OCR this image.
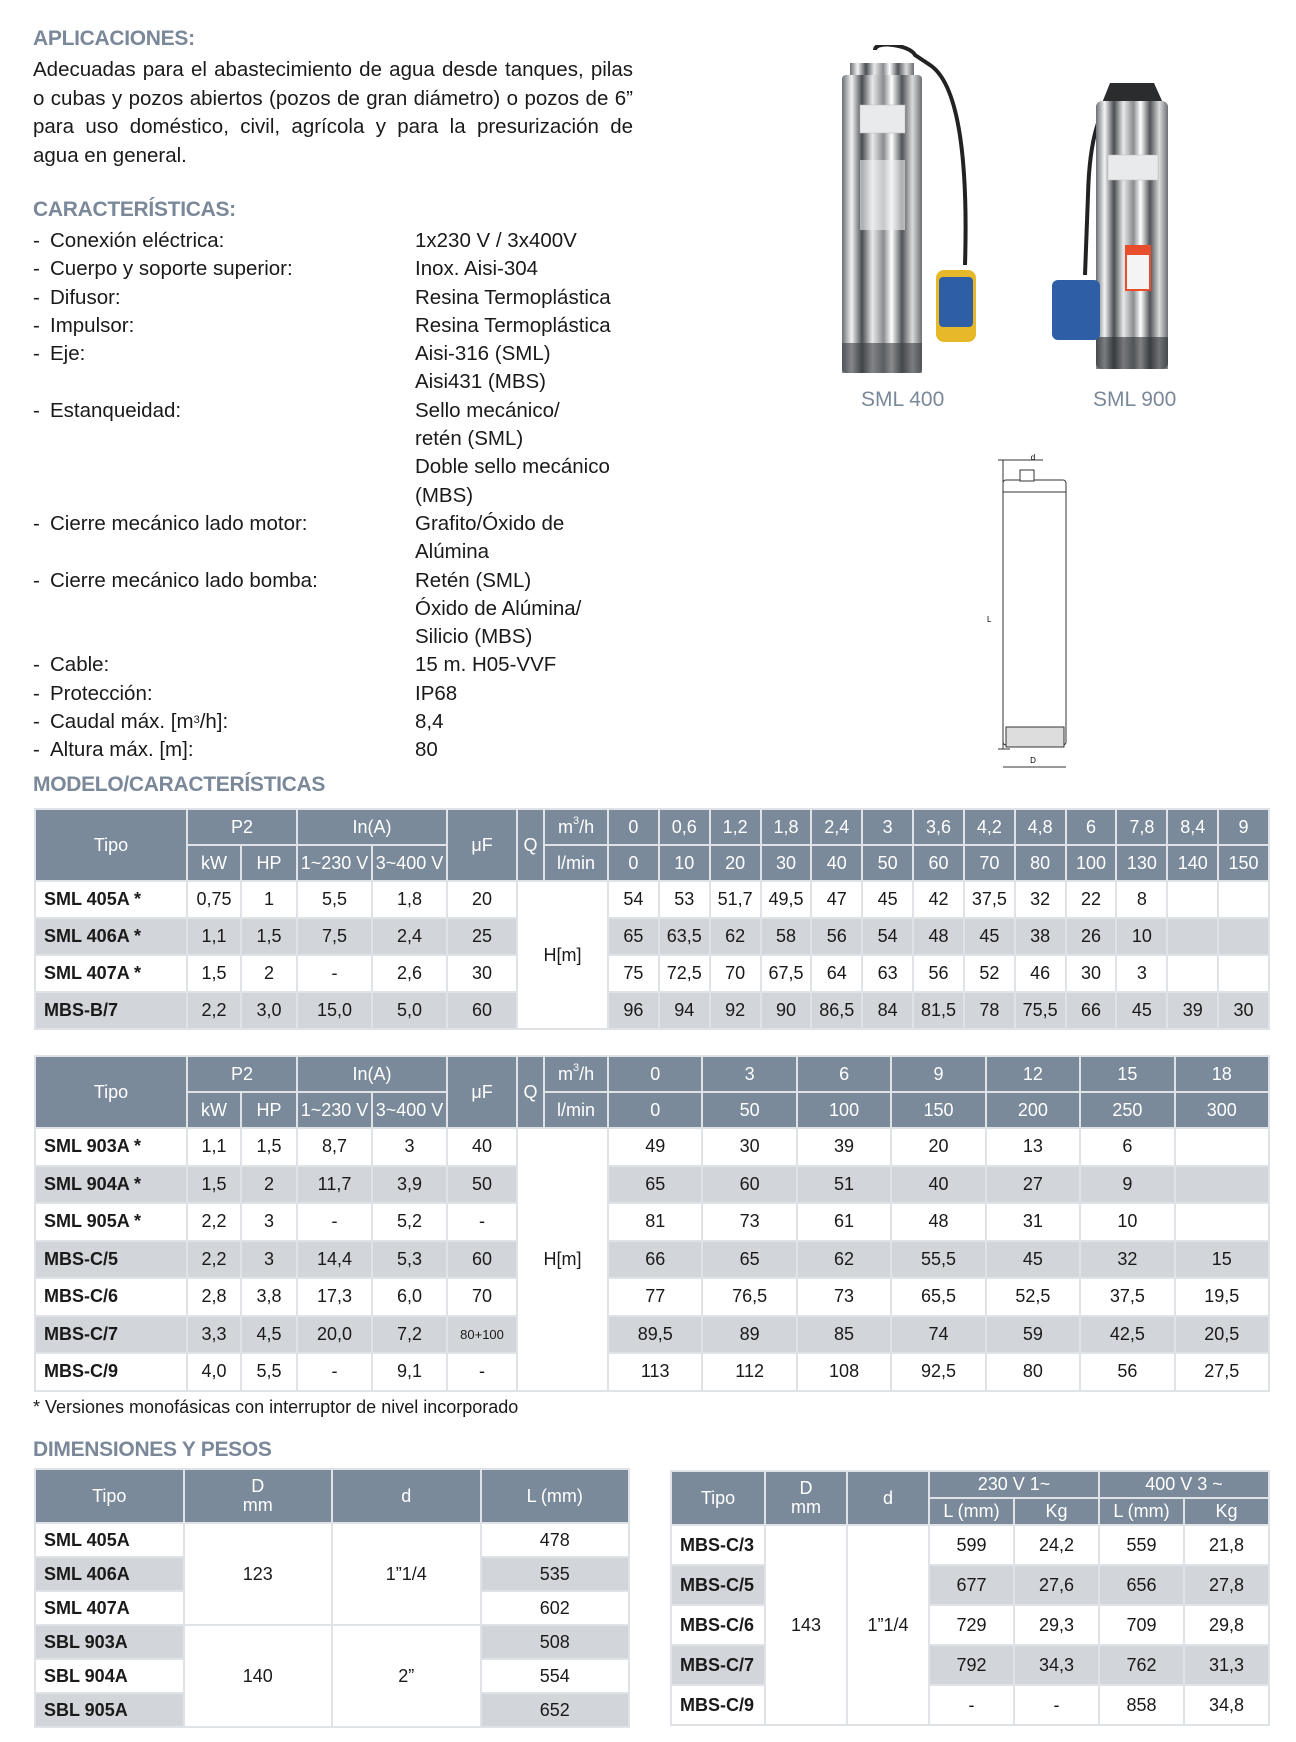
APLICACIONES:
Adecuadas para el abastecimiento de agua desde tanques, pilas o cubas y pozos abiertos (pozos de gran diámetro) o pozos de 6” para uso doméstico, civil, agrícola y para la presurización de agua en general.
CARACTERÍSTICAS:
- Conexión eléctrica:	1x230 V / 3x400V
- Cuerpo y soporte superior:	Inox. Aisi-304
- Difusor:	Resina Termoplástica
- Impulsor:	Resina Termoplástica
- Eje:	Aisi-316 (SML)
Aisi431 (MBS)
- Estanqueidad:	Sello mecánico/
retén (SML)
Doble sello mecánico
(MBS)
- Cierre mecánico lado motor:	Grafito/Óxido de
Alúmina
- Cierre mecánico lado bomba:	Retén (SML)
Óxido de Alúmina/
Silicio (MBS)
- Cable:	15 m. H05-VVF
- Protección:	IP68
- Caudal máx. $[m^3/h]$:	8,4
- Altura máx. [m]:	80
SML 400	SML 900
d
L
D
MODELO/CARACTERÍSTICAS
Tipo	P2		In(A)		μF	Q	$m^3/h$	0	0,6	1,2	1,8	2,4	3	3,6	4,2	4,8	6	7,8	8,4	9
	kW	HP	1~230 V	3~400 V			l/min	0	10	20	30	40	50	60	70	80	100	130	140	150
SML 405A *	0,75	1	5,5	1,8	20	H[m]		54	53	51,7	49,5	47	45	42	37,5	32	22	8		
SML 406A *	1,1	1,5	7,5	2,4	25			65	63,5	62	58	56	54	48	45	38	26	10		
SML 407A *	1,5	2	-	2,6	30			75	72,5	70	67,5	64	63	56	52	46	30	3		
MBS-B/7	2,2	3,0	15,0	5,0	60			96	94	92	90	86,5	84	81,5	78	75,5	66	45	39	30
Tipo	P2		In(A)		μF	Q	$m^3/h$	0	3	6	9	12	15	18
	kW	HP	1~230 V	3~400 V			l/min	0	50	100	150	200	250	300
SML 903A *	1,1	1,5	8,7	3	40	H[m]		49	30	39	20	13	6	
SML 904A *	1,5	2	11,7	3,9	50			65	60	51	40	27	9	
SML 905A *	2,2	3	-	5,2	-			81	73	61	48	31	10	
MBS-C/5	2,2	3	14,4	5,3	60			66	65	62	55,5	45	32	15
MBS-C/6	2,8	3,8	17,3	6,0	70			77	76,5	73	65,5	52,5	37,5	19,5
MBS-C/7	3,3	4,5	20,0	7,2	80+100			89,5	89	85	74	59	42,5	20,5
MBS-C/9	4,0	5,5	-	9,1	-			113	112	108	92,5	80	56	27,5
* Versiones monofásicas con interruptor de nivel incorporado
DIMENSIONES Y PESOS
Tipo	D
mm	d	L (mm)
SML 405A	123	1”1/4	478
SML 406A			535
SML 407A			602
SBL 903A	140	2”	508
SBL 904A			554
SBL 905A			652
Tipo	D
mm	d	230 V 1~		400 V 3 ~	
			L (mm)	Kg	L (mm)	Kg
MBS-C/3	143	1”1/4	599	24,2	559	21,8
MBS-C/5			677	27,6	656	27,8
MBS-C/6			729	29,3	709	29,8
MBS-C/7			792	34,3	762	31,3
MBS-C/9			-	-	858	34,8
